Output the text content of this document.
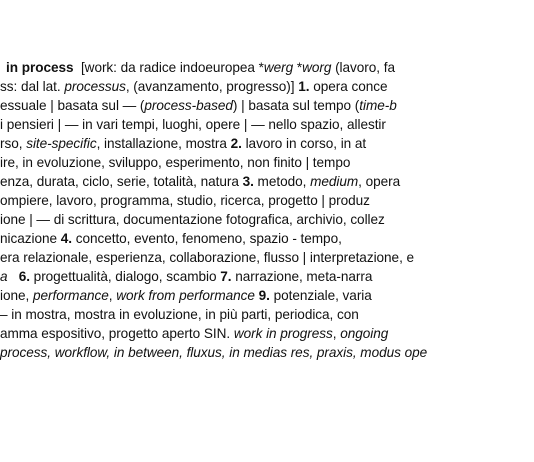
in process  [work: da radice indoeuropea *werg *worg (lavoro, fa
ss: dal lat. processus, (avanzamento, progresso)] 1. opera conce
essuale | basata sul — (process-based) | basata sul tempo (time-b
i pensieri | — in vari tempi, luoghi, opere | — nello spazio, allestir
rso, site-specific, installazione, mostra 2. lavoro in corso, in at
ire, in evoluzione, sviluppo, esperimento, non finito | tempo
enza, durata, ciclo, serie, totalità, natura 3. metodo, medium, opera
ompiere, lavoro, programma, studio, ricerca, progetto | produz
ione | — di scrittura, documentazione fotografica, archivio, collez
nicazione 4. concetto, evento, fenomeno, spazio - tempo,
era relazionale, esperienza, collaborazione, flusso | interpretazione, e
a 6. progettualità, dialogo, scambio 7. narrazione, meta-narra
ione, performance, work from performance 9. potenziale, varia
– in mostra, mostra in evoluzione, in più parti, periodica, con
amma espositivo, progetto aperto SIN. work in progress, ongoing
process, workflow, in between, fluxus, in medias res, praxis, modus ope
